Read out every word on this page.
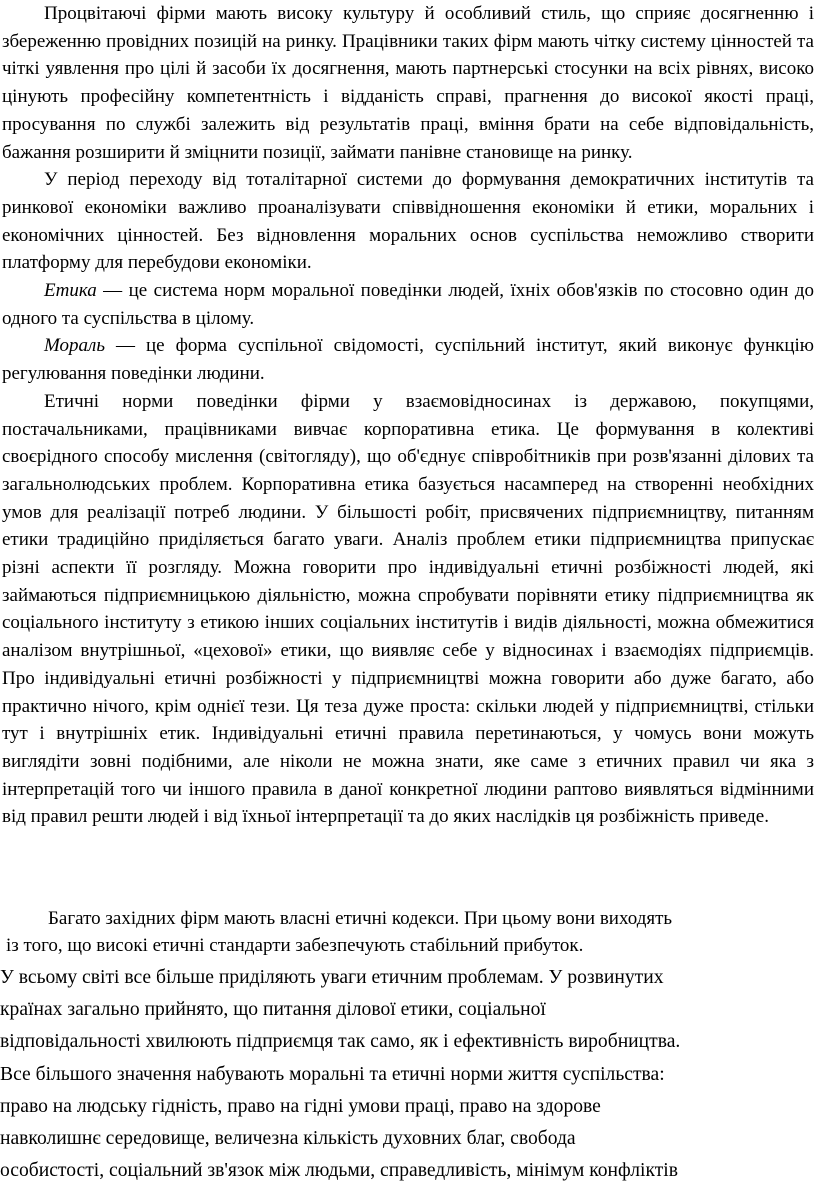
Процвітаючі фірми мають високу культуру й особливий стиль, що сприяє досягненню і збереженню провідних позицій на ринку. Працівники таких фірм мають чітку систему цінностей та чіткі уявлення про цілі й засоби їх досягнення, мають партнерські стосунки на всіх рівнях, високо цінують професійну компетентність і відданість справі, прагнення до високої якості праці, просування по службі залежить від результатів праці, вміння брати на себе відповідальність, бажання розширити й зміцнити позиції, займати панівне становище на ринку.

У період переходу від тоталітарної системи до формування демократичних інститутів та ринкової економіки важливо проаналізувати співвідношення економіки й етики, моральних і економічних цінностей. Без відновлення моральних основ суспільства неможливо створити платформу для перебудови економіки.

Етика — це система норм моральної поведінки людей, їхніх обов'язків по стосовно один до одного та суспільства в цілому.

Мораль — це форма суспільної свідомості, суспільний інститут, який виконує функцію регулювання поведінки людини.

Етичні норми поведінки фірми у взаємовідносинах із державою, покупцями, постачальниками, працівниками вивчає корпоративна етика. Це формування в колективі своєрідного способу мислення (світогляду), що об'єднує співробітників при розв'язанні ділових та загальнолюдських проблем. Корпоративна етика базується насамперед на створенні необхідних умов для реалізації потреб людини. У більшості робіт, присвячених підприємництву, питанням етики традиційно приділяється багато уваги. Аналіз проблем етики підприємництва припускає різні аспекти її розгляду. Можна говорити про індивідуальні етичні розбіжності людей, які займаються підприємницькою діяльністю, можна спробувати порівняти етику підприємництва як соціального інституту з етикою інших соціальних інститутів і видів діяльності, можна обмежитися аналізом внутрішньої, «цехової» етики, що виявляє себе у відносинах і взаємодіях підприємців. Про індивідуальні етичні розбіжності у підприємництві можна говорити або дуже багато, або практично нічого, крім однієї тези. Ця теза дуже проста: скільки людей у підприємництві, стільки тут і внутрішніх етик. Індивідуальні етичні правила перетинаються, у чомусь вони можуть виглядіти зовні подібними, але ніколи не можна знати, яке саме з етичних правил чи яка з інтерпретацій того чи іншого правила в даної конкретної людини раптово виявляться відмінними від правил решти людей і від їхньої інтерпретації та до яких наслідків ця розбіжність приведе.

Багато західних фірм мають власні етичні кодекси. При цьому вони виходять

із того, що високі етичні стандарти забезпечують стабільний прибуток.

У всьому світі все більше приділяють уваги етичним проблемам. У розвинутих

країнах загально прийнято, що питання ділової етики, соціальної

відповідальності хвилюють підприємця так само, як і ефективність виробництва.

Все більшого значення набувають моральні та етичні норми життя суспільства:

право на людську гідність, право на гідні умови праці, право на здорове

навколишнє середовище, величезна кількість духовних благ, свобода

особистості, соціальний зв'язок між людьми, справедливість, мінімум конфліктів
